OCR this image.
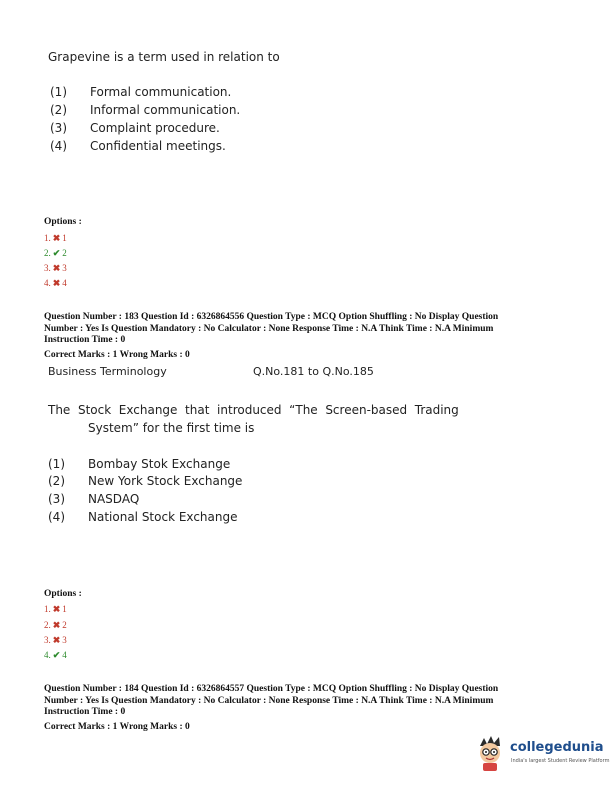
Grapevine is a term used in relation to
(1) Formal communication.
(2) Informal communication.
(3) Complaint procedure.
(4) Confidential meetings.
Options :
1. ✖ 1
2. ✔ 2
3. ✖ 3
4. ✖ 4
Question Number : 183 Question Id : 6326864556 Question Type : MCQ Option Shuffling : No Display Question
Number : Yes Is Question Mandatory : No Calculator : None Response Time : N.A Think Time : N.A Minimum
Instruction Time : 0
Correct Marks : 1 Wrong Marks : 0
Business Terminology	Q.No.181 to Q.No.185
The  Stock  Exchange  that  introduced  “The  Screen-based  Trading
System” for the first time is
(1) Bombay Stok Exchange
(2) New York Stock Exchange
(3) NASDAQ
(4) National Stock Exchange
Options :
1. ✖ 1
2. ✖ 2
3. ✖ 3
4. ✔ 4
Question Number : 184 Question Id : 6326864557 Question Type : MCQ Option Shuffling : No Display Question
Number : Yes Is Question Mandatory : No Calculator : None Response Time : N.A Think Time : N.A Minimum
Instruction Time : 0
Correct Marks : 1 Wrong Marks : 0
collegedunia
India's largest Student Review Platform
